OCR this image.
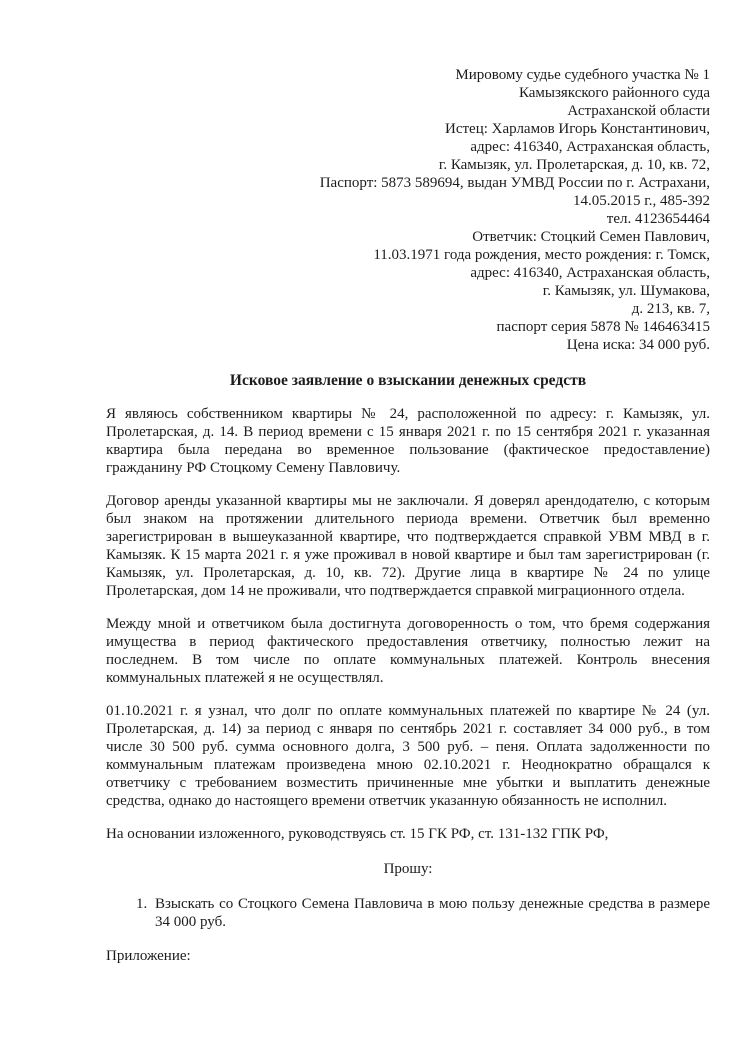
Мировому судье судебного участка № 1
Камызякского районного суда
Астраханской области
Истец: Харламов Игорь Константинович,
адрес: 416340, Астраханская область,
г. Камызяк, ул. Пролетарская, д. 10, кв. 72,
Паспорт: 5873 589694, выдан УМВД России по г. Астрахани,
14.05.2015 г., 485-392
тел. 4123654464
Ответчик: Стоцкий Семен Павлович,
11.03.1971 года рождения, место рождения: г. Томск,
адрес: 416340, Астраханская область,
г. Камызяк, ул. Шумакова,
д. 213, кв. 7,
паспорт серия 5878 № 146463415
Цена иска: 34 000 руб.
Исковое заявление о взыскании денежных средств

Я являюсь собственником квартиры № 24, расположенной по адресу: г. Камызяк, ул. Пролетарская, д. 14. В период времени с 15 января 2021 г. по 15 сентября 2021 г. указанная квартира была передана во временное пользование (фактическое предоставление) гражданину РФ Стоцкому Семену Павловичу.

Договор аренды указанной квартиры мы не заключали. Я доверял арендодателю, с которым был знаком на протяжении длительного периода времени. Ответчик был временно зарегистрирован в вышеуказанной квартире, что подтверждается справкой УВМ МВД в г. Камызяк. К 15 марта 2021 г. я уже проживал в новой квартире и был там зарегистрирован (г. Камызяк, ул. Пролетарская, д. 10, кв. 72). Другие лица в квартире № 24 по улице Пролетарская, дом 14 не проживали, что подтверждается справкой миграционного отдела.

Между мной и ответчиком была достигнута договоренность о том, что бремя содержания имущества в период фактического предоставления ответчику, полностью лежит на последнем. В том числе по оплате коммунальных платежей. Контроль внесения коммунальных платежей я не осуществлял.

01.10.2021 г. я узнал, что долг по оплате коммунальных платежей по квартире № 24 (ул. Пролетарская, д. 14) за период с января по сентябрь 2021 г. составляет 34 000 руб., в том числе 30 500 руб. сумма основного долга, 3 500 руб. – пеня. Оплата задолженности по коммунальным платежам произведена мною 02.10.2021 г. Неоднократно обращался к ответчику с требованием возместить причиненные мне убытки и выплатить денежные средства, однако до настоящего времени ответчик указанную обязанность не исполнил.

На основании изложенного, руководствуясь ст. 15 ГК РФ, ст. 131-132 ГПК РФ,

Прошу:
1. Взыскать со Стоцкого Семена Павловича в мою пользу денежные средства в размере 34 000 руб.
Приложение:
